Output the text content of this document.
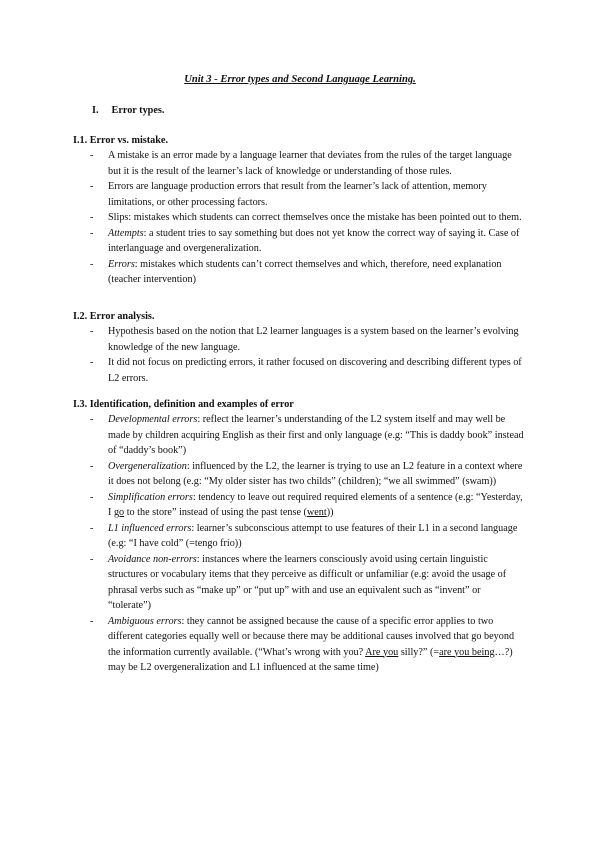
Unit 3 - Error types and Second Language Learning.
I. Error types.
I.1. Error vs. mistake.
- A mistake is an error made by a language learner that deviates from the rules of the target language but it is the result of the learner’s lack of knowledge or understanding of those rules.
- Errors are language production errors that result from the learner’s lack of attention, memory limitations, or other processing factors.
- Slips: mistakes which students can correct themselves once the mistake has been pointed out to them.
- Attempts: a student tries to say something but does not yet know the correct way of saying it. Case of interlanguage and overgeneralization.
- Errors: mistakes which students can’t correct themselves and which, therefore, need explanation (teacher intervention)
I.2. Error analysis.
- Hypothesis based on the notion that L2 learner languages is a system based on the learner’s evolving knowledge of the new language.
- It did not focus on predicting errors, it rather focused on discovering and describing different types of L2 errors.
I.3. Identification, definition and examples of error
- Developmental errors: reflect the learner’s understanding of the L2 system itself and may well be made by children acquiring English as their first and only language (e.g: “This is daddy book” instead of “daddy’s book”)
- Overgeneralization: influenced by the L2, the learner is trying to use an L2 feature in a context where it does not belong (e.g: “My older sister has two childs” (children); “we all swimmed” (swam))
- Simplification errors: tendency to leave out required required elements of a sentence (e.g: “Yesterday, I go to the store” instead of using the past tense (went))
- L1 influenced errors: learner’s subconscious attempt to use features of their L1 in a second language (e.g: “I have cold” (=tengo frío))
- Avoidance non-errors: instances where the learners consciously avoid using certain linguistic structures or vocabulary items that they perceive as difficult or unfamiliar (e.g: avoid the usage of phrasal verbs such as “make up” or “put up” with and use an equivalent such as “invent” or “tolerate”)
- Ambiguous errors: they cannot be assigned because the cause of a specific error applies to two different categories equally well or because there may be additional causes involved that go beyond the information currently available. (“What’s wrong with you? Are you silly?” (=are you being…?) may be L2 overgeneralization and L1 influenced at the same time)
